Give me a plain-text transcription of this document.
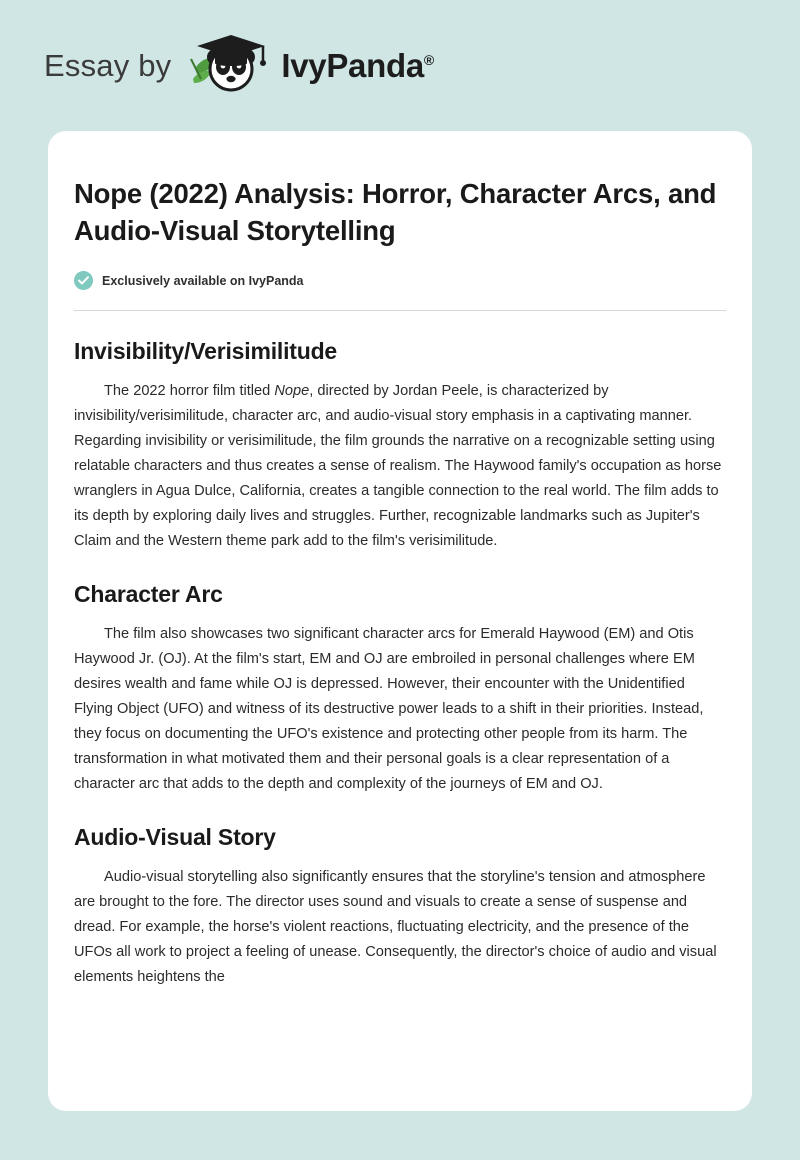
Essay by	IvyPanda®
Nope (2022) Analysis: Horror, Character Arcs, and Audio-Visual Storytelling
Exclusively available on IvyPanda
Invisibility/Verisimilitude

The 2022 horror film titled Nope, directed by Jordan Peele, is characterized by invisibility/verisimilitude, character arc, and audio-visual story emphasis in a captivating manner. Regarding invisibility or verisimilitude, the film grounds the narrative on a recognizable setting using relatable characters and thus creates a sense of realism. The Haywood family's occupation as horse wranglers in Agua Dulce, California, creates a tangible connection to the real world. The film adds to its depth by exploring daily lives and struggles. Further, recognizable landmarks such as Jupiter's Claim and the Western theme park add to the film's verisimilitude.

Character Arc

The film also showcases two significant character arcs for Emerald Haywood (EM) and Otis Haywood Jr. (OJ). At the film's start, EM and OJ are embroiled in personal challenges where EM desires wealth and fame while OJ is depressed. However, their encounter with the Unidentified Flying Object (UFO) and witness of its destructive power leads to a shift in their priorities. Instead, they focus on documenting the UFO's existence and protecting other people from its harm. The transformation in what motivated them and their personal goals is a clear representation of a character arc that adds to the depth and complexity of the journeys of EM and OJ.

Audio-Visual Story

Audio-visual storytelling also significantly ensures that the storyline's tension and atmosphere are brought to the fore. The director uses sound and visuals to create a sense of suspense and dread. For example, the horse's violent reactions, fluctuating electricity, and the presence of the UFOs all work to project a feeling of unease. Consequently, the director's choice of audio and visual elements heightens the
